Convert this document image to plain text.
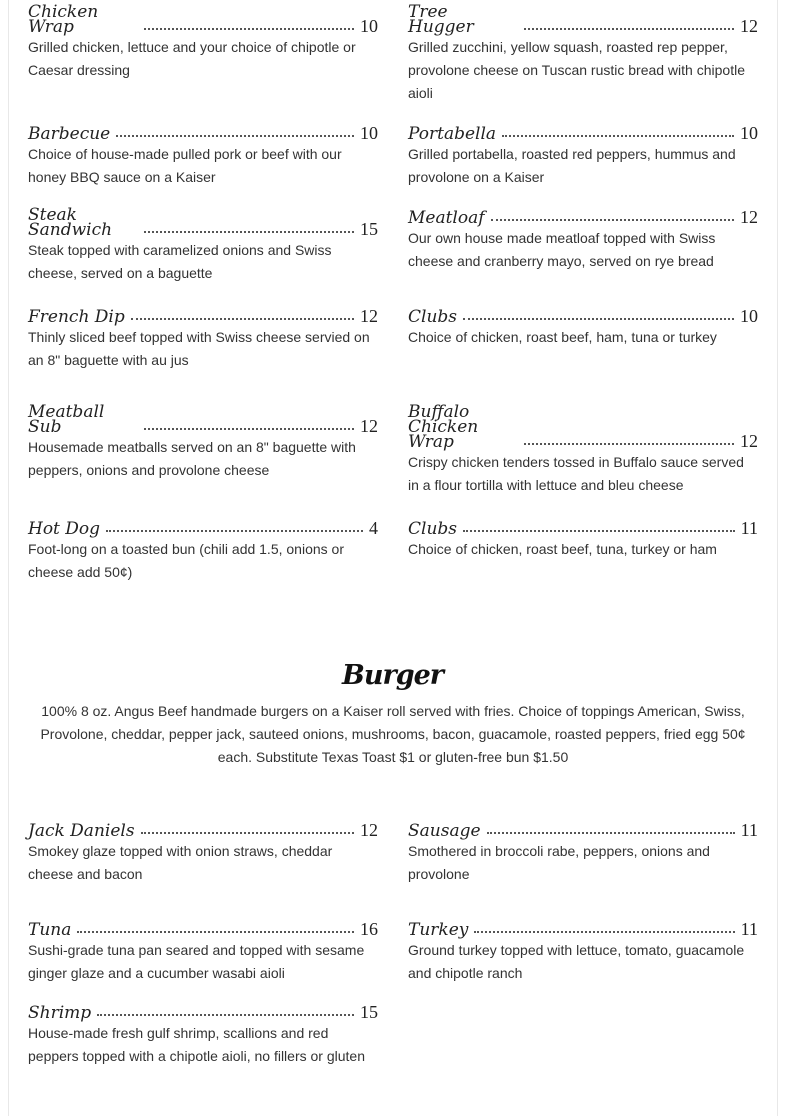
Chicken Wrap	10
Grilled chicken, lettuce and your choice of chipotle or Caesar dressing
Barbecue	10
Choice of house-made pulled pork or beef with our honey BBQ sauce on a Kaiser
Steak Sandwich	15
Steak topped with caramelized onions and Swiss cheese, served on a baguette
French Dip	12
Thinly sliced beef topped with Swiss cheese servied on an 8" baguette with au jus
Meatball Sub	12
Housemade meatballs served on an 8" baguette with peppers, onions and provolone cheese
Hot Dog	4
Foot-long on a toasted bun (chili add 1.5, onions or cheese add 50¢)
Tree Hugger	12
Grilled zucchini, yellow squash, roasted rep pepper, provolone cheese on Tuscan rustic bread with chipotle aioli
Portabella	10
Grilled portabella, roasted red peppers, hummus and provolone on a Kaiser
Meatloaf	12
Our own house made meatloaf topped with Swiss cheese and cranberry mayo, served on rye bread
Clubs	10
Choice of chicken, roast beef, ham, tuna or turkey
Buffalo Chicken Wrap	12
Crispy chicken tenders tossed in Buffalo sauce served in a flour tortilla with lettuce and bleu cheese
Clubs	11
Choice of chicken, roast beef, tuna, turkey or ham
Burger
100% 8 oz. Angus Beef handmade burgers on a Kaiser roll served with fries. Choice of toppings American, Swiss, Provolone, cheddar, pepper jack, sauteed onions, mushrooms, bacon, guacamole, roasted peppers, fried egg 50¢ each. Substitute Texas Toast $1 or gluten-free bun $1.50
Jack Daniels	12
Smokey glaze topped with onion straws, cheddar cheese and bacon
Tuna	16
Sushi-grade tuna pan seared and topped with sesame ginger glaze and a cucumber wasabi aioli
Shrimp	15
House-made fresh gulf shrimp, scallions and red peppers topped with a chipotle aioli, no fillers or gluten
Sausage	11
Smothered in broccoli rabe, peppers, onions and provolone
Turkey	11
Ground turkey topped with lettuce, tomato, guacamole and chipotle ranch
